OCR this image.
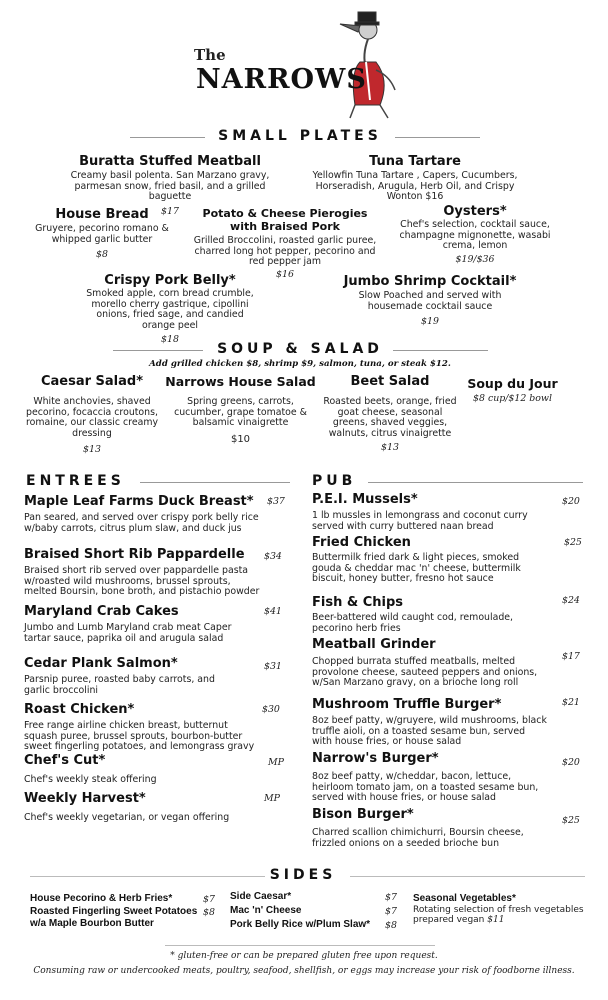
The
NARROWS
SMALL PLATES
Buratta Stuffed Meatball
Creamy basil polenta. San Marzano gravy, parmesan snow, fried basil, and a grilled baguette
$17
Tuna Tartare
Yellowfin Tuna Tartare , Capers, Cucumbers, Horseradish, Arugula, Herb Oil, and Crispy Wonton $16
House Bread
Gruyere, pecorino romano & whipped garlic butter
$8
Potato & Cheese Pierogies with Braised Pork
Grilled Broccolini, roasted garlic puree, charred long hot pepper, pecorino and red pepper jam
$16
Oysters*
Chef's selection, cocktail sauce, champagne mignonette, wasabi crema, lemon
$19/$36
Crispy Pork Belly*
Smoked apple, corn bread crumble, morello cherry gastrique, cipollini onions, fried sage, and candied orange peel
$18
Jumbo Shrimp Cocktail*
Slow Poached and served with housemade cocktail sauce
$19
SOUP & SALAD
Add grilled chicken $8, shrimp $9, salmon, tuna, or steak $12.
Caesar Salad*
White anchovies, shaved pecorino, focaccia croutons, romaine, our classic creamy dressing
$13
Narrows House Salad
Spring greens, carrots, cucumber, grape tomatoe & balsamic vinaigrette
$10
Beet Salad
Roasted beets, orange, fried goat cheese, seasonal greens, shaved veggies, walnuts, citrus vinaigrette
$13
Soup du Jour
$8 cup/$12 bowl
ENTREES	PUB
Maple Leaf Farms Duck Breast*
Pan seared, and served over crispy pork belly rice w/baby carrots, citrus plum slaw, and duck jus
$37
Braised Short Rib Pappardelle
Braised short rib served over pappardelle pasta w/roasted wild mushrooms, brussel sprouts, melted Boursin, bone broth, and pistachio powder
$34
Maryland Crab Cakes
Jumbo and Lumb Maryland crab meat Caper tartar sauce, paprika oil and arugula salad
$41
Cedar Plank Salmon*
Parsnip puree, roasted baby carrots, and garlic broccolini
$31
Roast Chicken*
Free range airline chicken breast, butternut squash puree, brussel sprouts, bourbon-butter sweet fingerling potatoes, and lemongrass gravy
$30
Chef's Cut*
Chef's weekly steak offering
MP
Weekly Harvest*
Chef's weekly vegetarian, or vegan offering
MP
P.E.I. Mussels*
1 lb mussles in lemongrass and coconut curry served with curry buttered naan bread
$20
Fried Chicken
Buttermilk fried dark & light pieces, smoked gouda & cheddar mac 'n' cheese, buttermilk biscuit, honey butter, fresno hot sauce
$25
Fish & Chips
Beer-battered wild caught cod, remoulade, pecorino herb fries
$24
Meatball Grinder
Chopped burrata stuffed meatballs, melted provolone cheese, sauteed peppers and onions, w/San Marzano gravy, on a brioche long roll
$17
Mushroom Truffle Burger*
8oz beef patty, w/gruyere, wild mushrooms, black truffle aioli, on a toasted sesame bun, served with house fries, or house salad
$21
Narrow's Burger*
8oz beef patty, w/cheddar, bacon, lettuce, heirloom tomato jam, on a toasted sesame bun, served with house fries, or house salad
$20
Bison Burger*
Charred scallion chimichurri, Boursin cheese, frizzled onions on a seeded brioche bun
$25
SIDES
House Pecorino & Herb Fries*	$7
Roasted Fingerling Sweet Potatoes w/a Maple Bourbon Butter
$8
Side Caesar*	$7
Mac 'n' Cheese	$7
Pork Belly Rice w/Plum Slaw* $8
Seasonal Vegetables*
Rotating selection of fresh vegetables prepared vegan $11
* gluten-free or can be prepared gluten free upon request.
Consuming raw or undercooked meats, poultry, seafood, shellfish, or eggs may increase your risk of foodborne illness.
